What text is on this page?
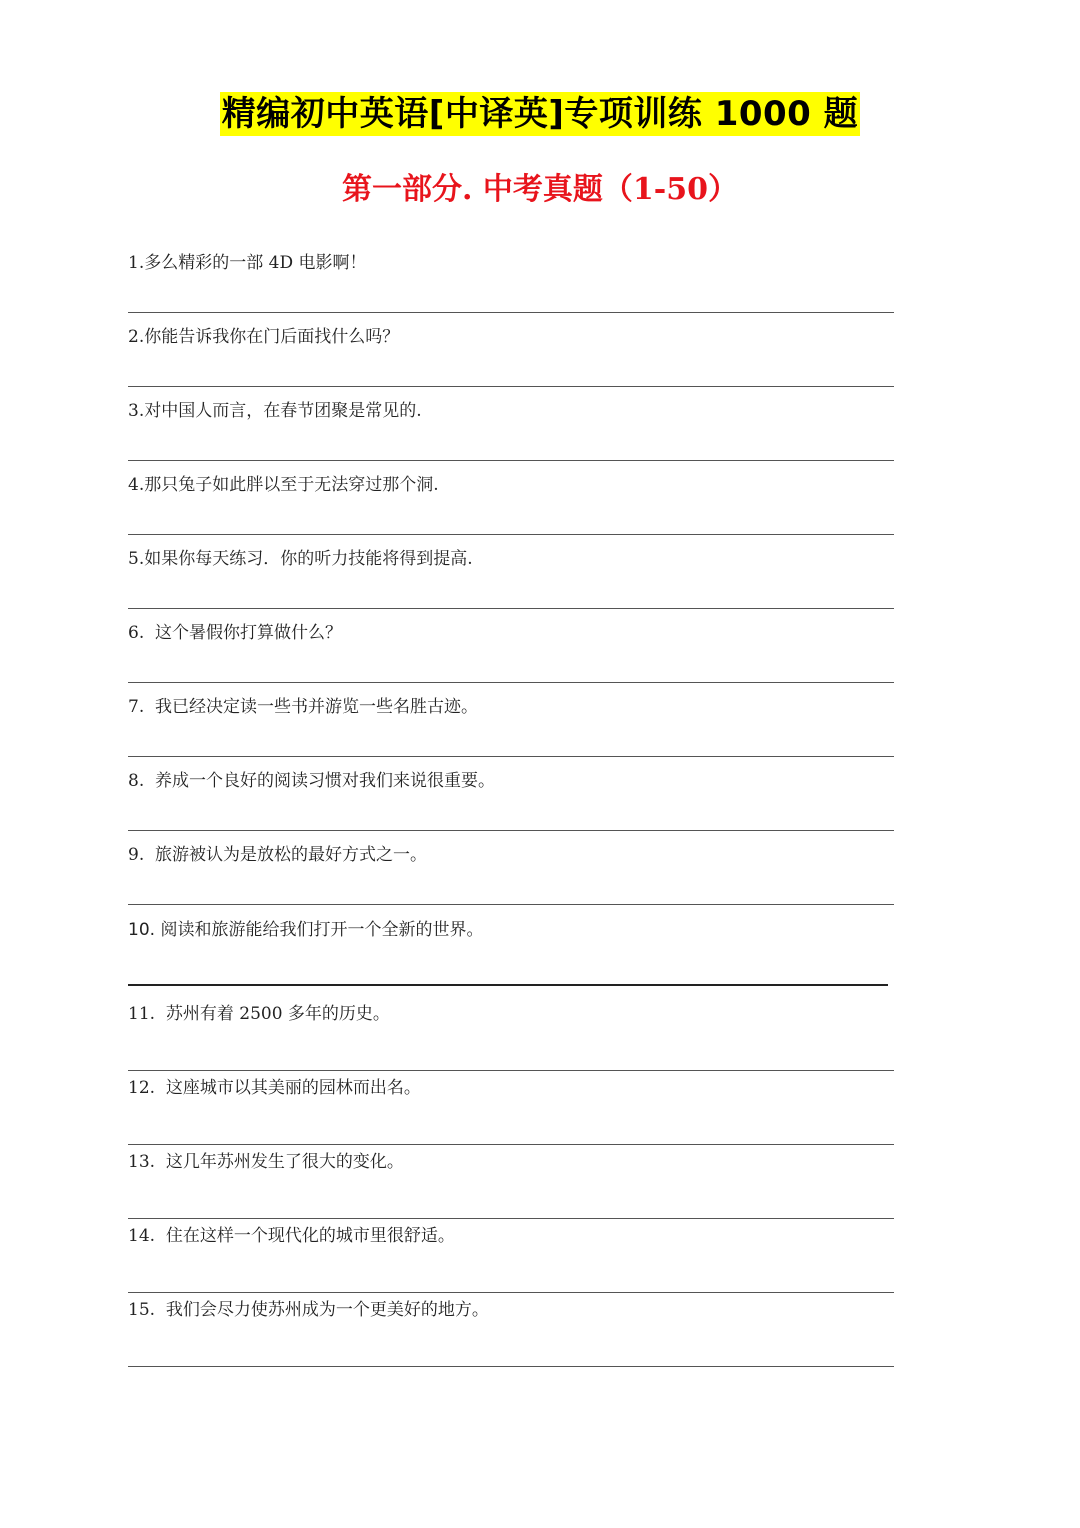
精编初中英语[中译英]专项训练 1000 题
第一部分. 中考真题（1-50）
1.多么精彩的一部 4D 电影啊！
2.你能告诉我你在门后面找什么吗？
3.对中国人而言，在春节团聚是常见的.
4.那只兔子如此胖以至于无法穿过那个洞.
5.如果你每天练习．你的听力技能将得到提高.
6. 这个暑假你打算做什么？
7. 我已经决定读一些书并游览一些名胜古迹。
8. 养成一个良好的阅读习惯对我们来说很重要。
9. 旅游被认为是放松的最好方式之一。
10. 阅读和旅游能给我们打开一个全新的世界。
11. 苏州有着 2500 多年的历史。
12. 这座城市以其美丽的园林而出名。
13. 这几年苏州发生了很大的变化。
14. 住在这样一个现代化的城市里很舒适。
15. 我们会尽力使苏州成为一个更美好的地方。
